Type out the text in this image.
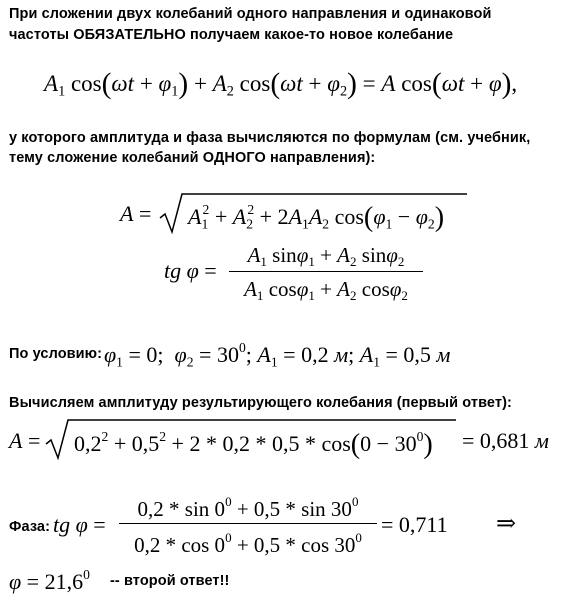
При сложении двух колебаний одного направления и одинаковой
частоты ОБЯЗАТЕЛЬНО получаем какое-то новое колебание
$A_1$ $\cos(\omega t + \varphi_1) + A_2$ $\cos(\omega t + \varphi_2) = A$ cos(ωt + φ),
у которого амплитуда и фаза вычисляются по формулам (см. учебник,
тему сложение колебаний ОДНОГО направления):
$A = A_1^2 + A_2^2 + 2A_1A_2$ $\cos(\varphi_1 - \varphi_2)$
tg φ =
$A_1$ $\sin\varphi_1 + A_2$ sinφ$_2$
$A_1$ $\cos\varphi_1 + A_2$ cosφ$_2$
По условию: $\varphi_1 = 0$;  $\varphi_2 = 30^0$; $A_1 = 0,2$ м; $A_1 = 0,5$ м
Вычисляем амплитуду результирующего колебания (первый ответ):
$A = 0,2^2 + 0,5^2 + 2 * 0,2 * 0,5 * \cos(0 - 30^0) = 0,681$ м
Фаза: tg φ =
$0,2 * \sin 0^0 + 0,5 * \sin 30^0$
$0,2 * \cos 0^0 + 0,5 * \cos 30^0$
= 0,711 ⇒
$\varphi = 21,6^0$ -- второй ответ!!
